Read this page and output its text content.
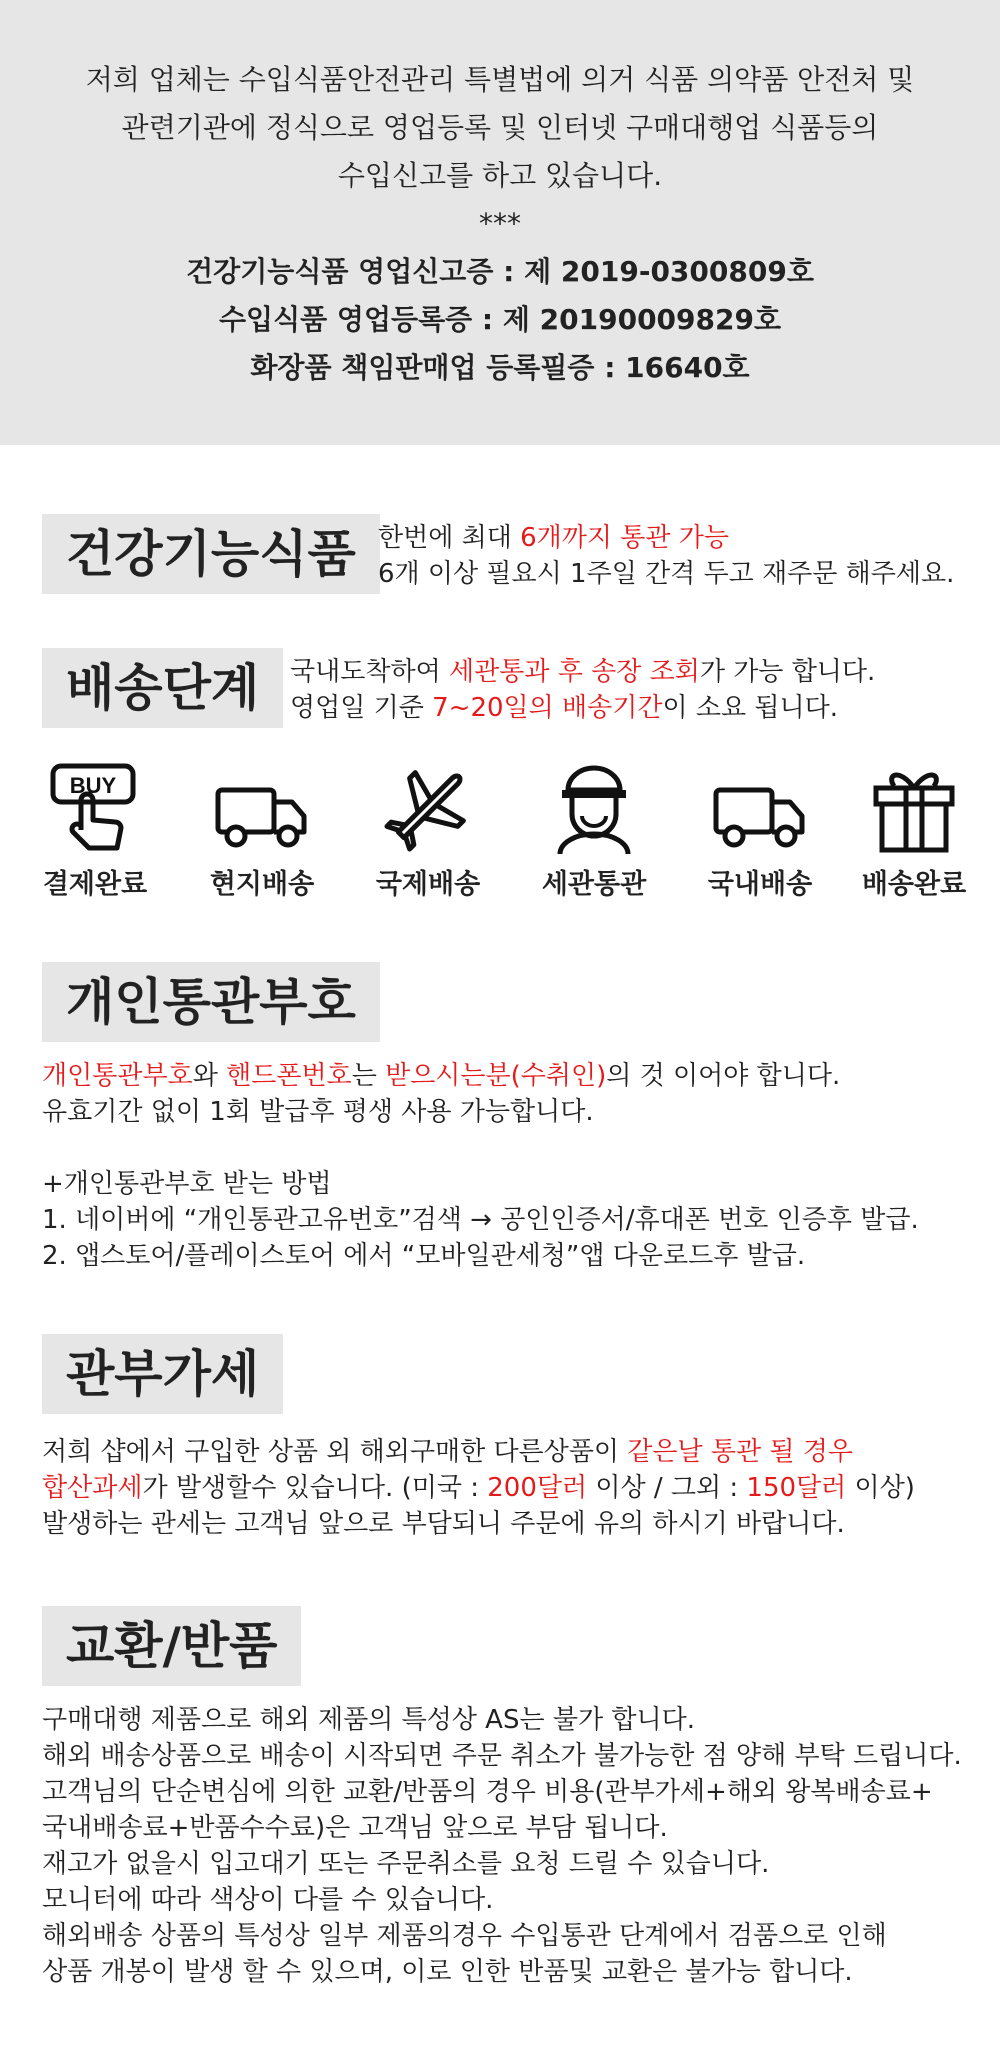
저희 업체는 수입식품안전관리 특별법에 의거 식품 의약품 안전처 및

관련기관에 정식으로 영업등록 및 인터넷 구매대행업 식품등의

수입신고를 하고 있습니다.

***

건강기능식품 영업신고증 : 제 2019-0300809호

수입식품 영업등록증 : 제 20190009829호

화장품 책임판매업 등록필증 : 16640호

건강기능식품 한번에 최대 6개까지 통관 가능
6개 이상 필요시 1주일 간격 두고 재주문 해주세요.
배송단계	국내도착하여 세관통과 후 송장 조회가 가능 합니다.
영업일 기준 7~20일의 배송기간이 소요 됩니다.
BUY
결제완료	현지배송	국제배송	세관통관	국내배송	배송완료
개인통관부호
개인통관부호와 핸드폰번호는 받으시는분(수취인)의 것 이어야 합니다.
유효기간 없이 1회 발급후 평생 사용 가능합니다.
+개인통관부호 받는 방법
1. 네이버에 “개인통관고유번호”검색 → 공인인증서/휴대폰 번호 인증후 발급.
2. 앱스토어/플레이스토어 에서 “모바일관세청”앱 다운로드후 발급.
관부가세
저희 샵에서 구입한 상품 외 해외구매한 다른상품이 같은날 통관 될 경우
합산과세가 발생할수 있습니다. (미국 : 200달러 이상 / 그외 : 150달러 이상)
발생하는 관세는 고객님 앞으로 부담되니 주문에 유의 하시기 바랍니다.
교환/반품
구매대행 제품으로 해외 제품의 특성상 AS는 불가 합니다.
해외 배송상품으로 배송이 시작되면 주문 취소가 불가능한 점 양해 부탁 드립니다.
고객님의 단순변심에 의한 교환/반품의 경우 비용(관부가세+해외 왕복배송료+
국내배송료+반품수수료)은 고객님 앞으로 부담 됩니다.
재고가 없을시 입고대기 또는 주문취소를 요청 드릴 수 있습니다.
모니터에 따라 색상이 다를 수 있습니다.
해외배송 상품의 특성상 일부 제품의경우 수입통관 단계에서 검품으로 인해
상품 개봉이 발생 할 수 있으며, 이로 인한 반품및 교환은 불가능 합니다.
